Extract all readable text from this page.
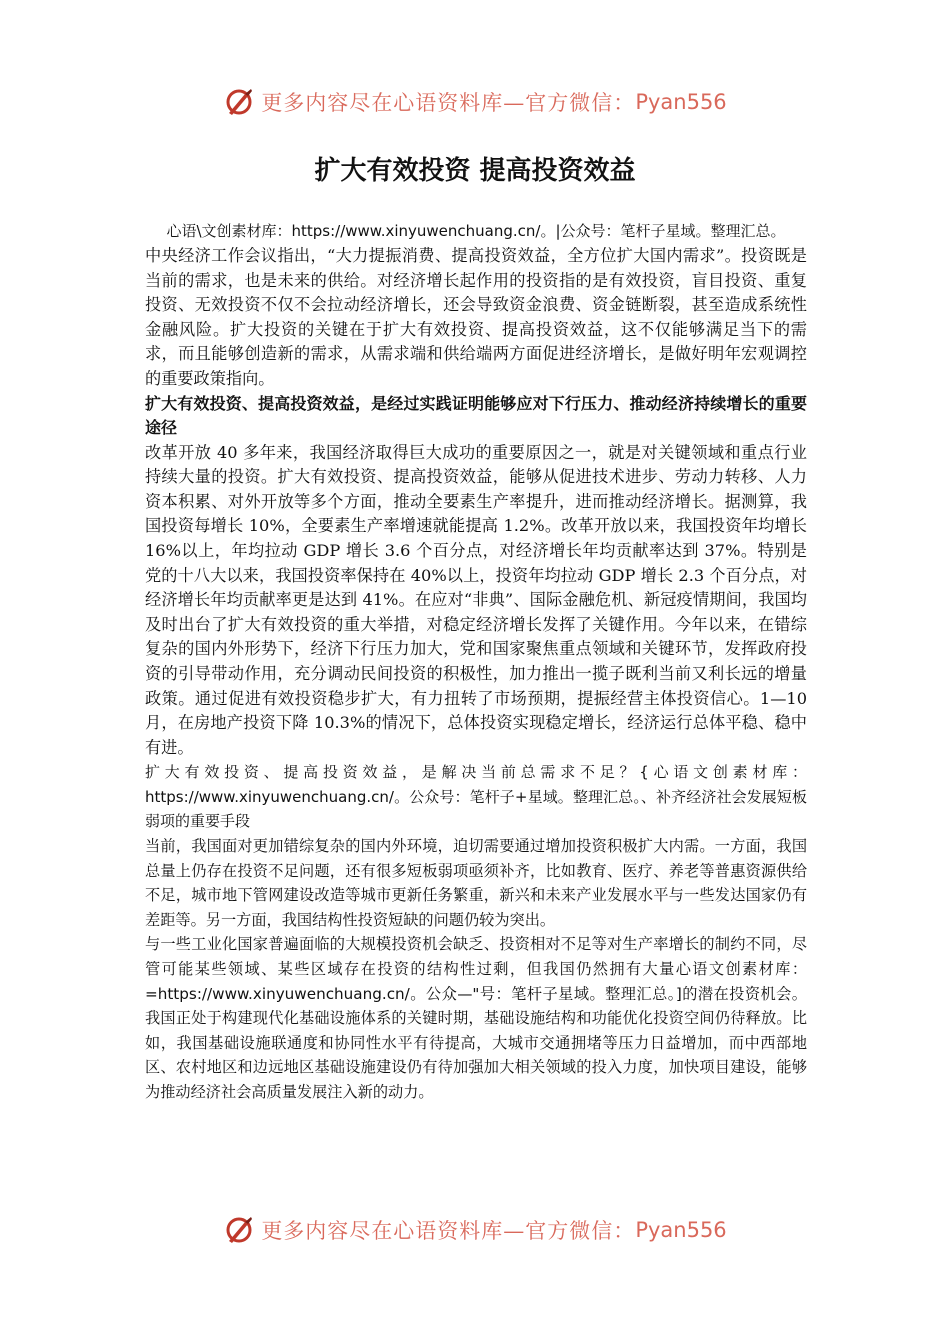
更多内容尽在心语资料库—官方微信： Pyan556
扩大有效投资 提高投资效益

心语\文创素材库：https://www.xinyuwenchuang.cn/。|公众号：笔杆子星域。整理汇总。

中央经济工作会议指出，“大力提振消费、提高投资效益，全方位扩大国内需求”。投资既是当前的需求，也是未来的供给。对经济增长起作用的投资指的是有效投资，盲目投资、重复投资、无效投资不仅不会拉动经济增长，还会导致资金浪费、资金链断裂，甚至造成系统性金融风险。扩大投资的关键在于扩大有效投资、提高投资效益，这不仅能够满足当下的需求，而且能够创造新的需求，从需求端和供给端两方面促进经济增长，是做好明年宏观调控的重要政策指向。

扩大有效投资、提高投资效益，是经过实践证明能够应对下行压力、推动经济持续增长的重要途径

改革开放 40 多年来，我国经济取得巨大成功的重要原因之一，就是对关键领域和重点行业持续大量的投资。扩大有效投资、提高投资效益，能够从促进技术进步、劳动力转移、人力资本积累、对外开放等多个方面，推动全要素生产率提升，进而推动经济增长。据测算，我国投资每增长 10%，全要素生产率增速就能提高 1.2%。改革开放以来，我国投资年均增长 16%以上，年均拉动 GDP 增长 3.6 个百分点，对经济增长年均贡献率达到 37%。特别是党的十八大以来，我国投资率保持在 40%以上，投资年均拉动 GDP 增长 2.3 个百分点，对经济增长年均贡献率更是达到 41%。在应对“非典”、国际金融危机、新冠疫情期间，我国均及时出台了扩大有效投资的重大举措，对稳定经济增长发挥了关键作用。今年以来，在错综复杂的国内外形势下，经济下行压力加大，党和国家聚焦重点领域和关键环节，发挥政府投资的引导带动作用，充分调动民间投资的积极性，加力推出一揽子既利当前又利长远的增量政策。通过促进有效投资稳步扩大，有力扭转了市场预期，提振经营主体投资信心。1—10 月，在房地产投资下降 10.3%的情况下，总体投资实现稳定增长，经济运行总体平稳、稳中有进。

扩大有效投资、提高投资效益，是解决当前总需求不足？{心语文创素材库：https://www.xinyuwenchuang.cn/。公众号：笔杆子+星域。整理汇总。、补齐经济社会发展短板弱项的重要手段

当前，我国面对更加错综复杂的国内外环境，迫切需要通过增加投资积极扩大内需。一方面，我国总量上仍存在投资不足问题，还有很多短板弱项亟须补齐，比如教育、医疗、养老等普惠资源供给不足，城市地下管网建设改造等城市更新任务繁重，新兴和未来产业发展水平与一些发达国家仍有差距等。另一方面，我国结构性投资短缺的问题仍较为突出。

与一些工业化国家普遍面临的大规模投资机会缺乏、投资相对不足等对生产率增长的制约不同，尽管可能某些领域、某些区域存在投资的结构性过剩，但我国仍然拥有大量心语文创素材库：=https://www.xinyuwenchuang.cn/。公众—"号：笔杆子星域。整理汇总。]的潜在投资机会。我国正处于构建现代化基础设施体系的关键时期，基础设施结构和功能优化投资空间仍待释放。比如，我国基础设施联通度和协同性水平有待提高，大城市交通拥堵等压力日益增加，而中西部地区、农村地区和边远地区基础设施建设仍有待加强加大相关领域的投入力度，加快项目建设，能够为推动经济社会高质量发展注入新的动力。

更多内容尽在心语资料库—官方微信： Pyan556
